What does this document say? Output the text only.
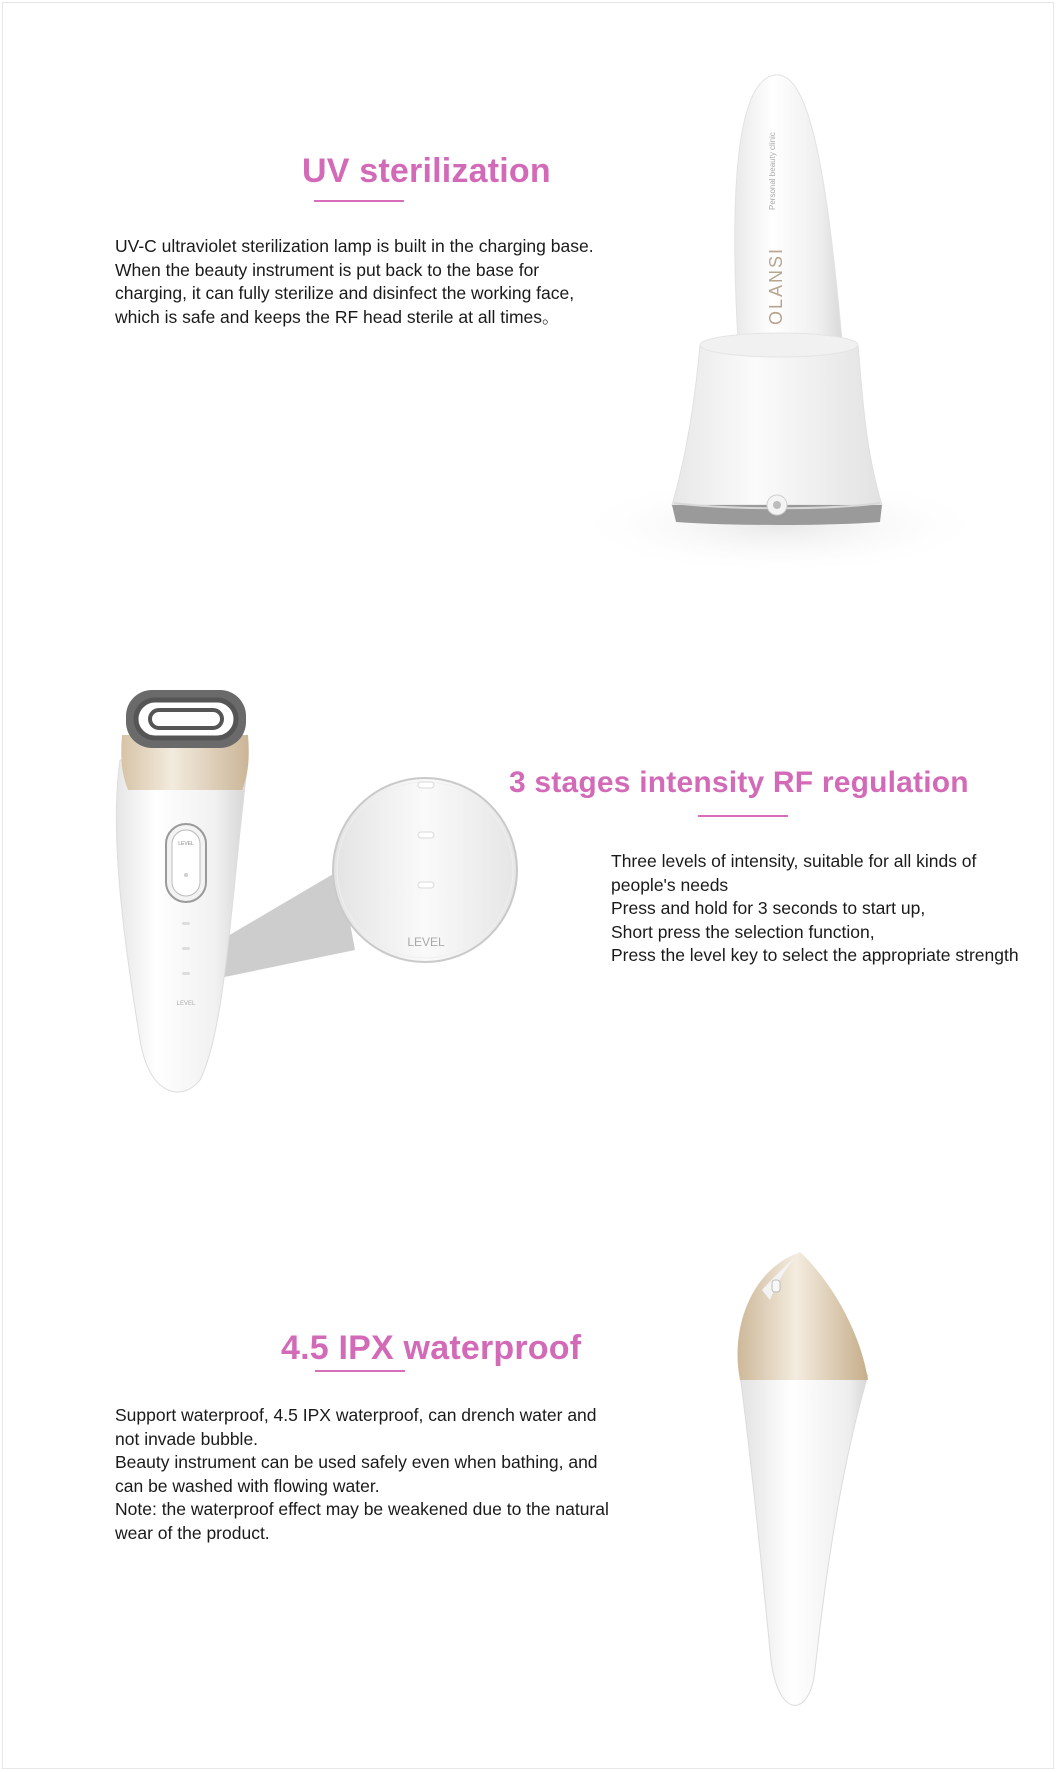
UV sterilization

UV-C ultraviolet sterilization lamp is built in the charging base.

When the beauty instrument is put back to the base for charging, it can fully sterilize and disinfect the working face, which is safe and keeps the RF head sterile at all times。	OLANSI
Personal beauty clinic
3 stages intensity RF regulation

Three levels of intensity, suitable for all kinds of people's needs

Press and hold for 3 seconds to start up,

Short press the selection function,

Press the level key to select the appropriate strength

LEVEL
LEVEL
LEVEL
4.5 IPX waterproof

Support waterproof, 4.5 IPX waterproof, can drench water and not invade bubble.

Beauty instrument can be used safely even when bathing, and can be washed with flowing water.

Note: the waterproof effect may be weakened due to the natural wear of the product.
